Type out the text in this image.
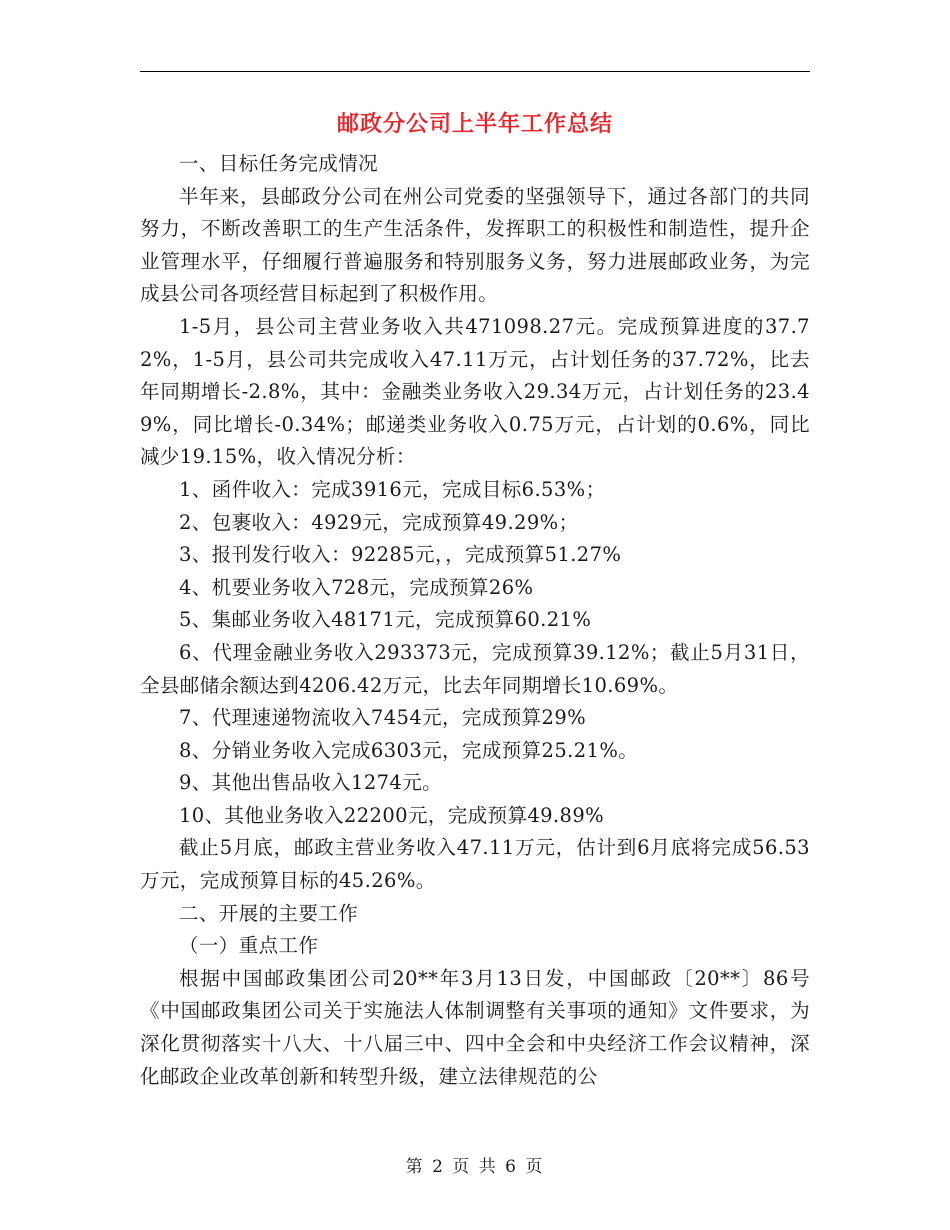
邮政分公司上半年工作总结

一、目标任务完成情况

半年来，县邮政分公司在州公司党委的坚强领导下，通过各部门的共同努力，不断改善职工的生产生活条件，发挥职工的积极性和制造性，提升企业管理水平，仔细履行普遍服务和特别服务义务，努力进展邮政业务，为完成县公司各项经营目标起到了积极作用。

1-5月，县公司主营业务收入共471098.27元。完成预算进度的37.72%，1-5月，县公司共完成收入47.11万元，占计划任务的37.72%，比去年同期增长-2.8%，其中：金融类业务收入29.34万元，占计划任务的23.49%，同比增长-0.34%；邮递类业务收入0.75万元，占计划的0.6%，同比减少19.15%，收入情况分析：

1、函件收入：完成3916元，完成目标6.53%；

2、包裹收入：4929元，完成预算49.29%；

3、报刊发行收入：92285元，，完成预算51.27%

4、机要业务收入728元，完成预算26%

5、集邮业务收入48171元，完成预算60.21%

6、代理金融业务收入293373元，完成预算39.12%；截止5月31日，全县邮储余额达到4206.42万元，比去年同期增长10.69%。

7、代理速递物流收入7454元，完成预算29%

8、分销业务收入完成6303元，完成预算25.21%。

9、其他出售品收入1274元。

10、其他业务收入22200元，完成预算49.89%

截止5月底，邮政主营业务收入47.11万元，估计到6月底将完成56.53万元，完成预算目标的45.26%。

二、开展的主要工作

（一）重点工作

根据中国邮政集团公司20**年3月13日发，中国邮政〔20**〕86号《中国邮政集团公司关于实施法人体制调整有关事项的通知》文件要求，为深化贯彻落实十八大、十八届三中、四中全会和中央经济工作会议精神，深化邮政企业改革创新和转型升级，建立法律规范的公

第 2 页 共 6 页
